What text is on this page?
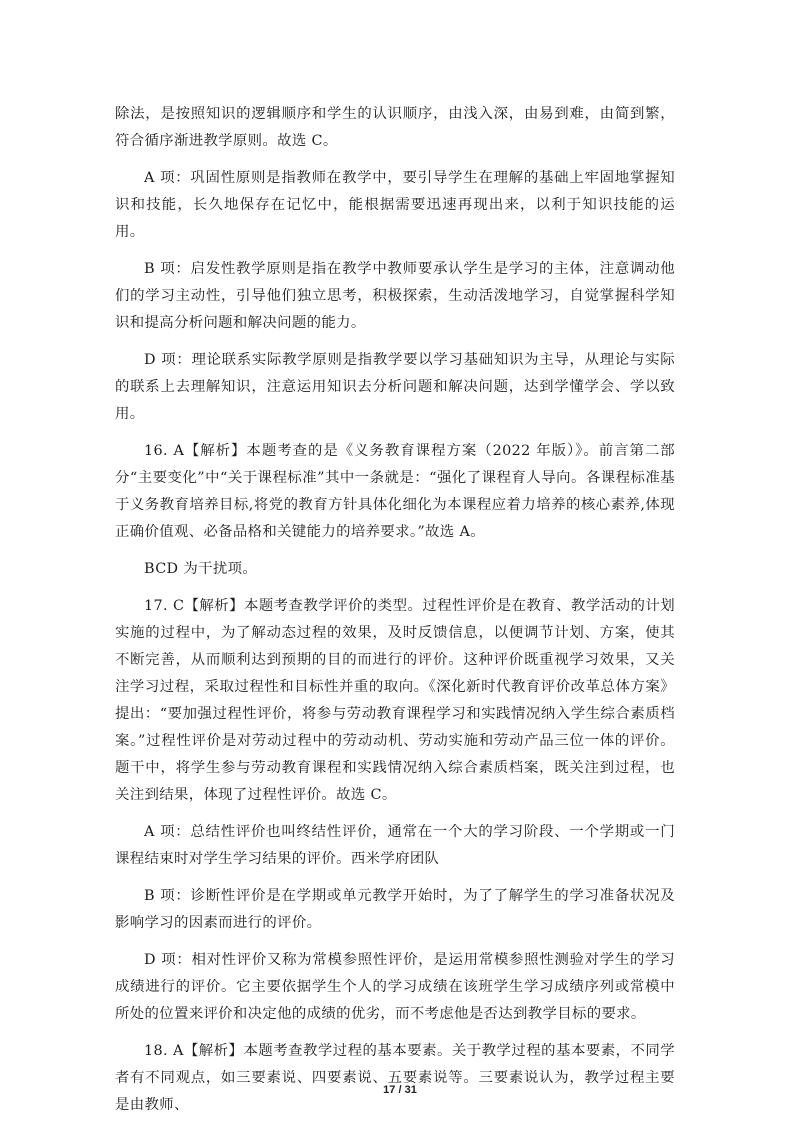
除法，是按照知识的逻辑顺序和学生的认识顺序，由浅入深，由易到难，由简到繁，符合循序渐进教学原则。故选 C。

A 项：巩固性原则是指教师在教学中，要引导学生在理解的基础上牢固地掌握知识和技能，长久地保存在记忆中，能根据需要迅速再现出来，以利于知识技能的运用。

B 项：启发性教学原则是指在教学中教师要承认学生是学习的主体，注意调动他们的学习主动性，引导他们独立思考，积极探索，生动活泼地学习，自觉掌握科学知识和提高分析问题和解决问题的能力。

D 项：理论联系实际教学原则是指教学要以学习基础知识为主导，从理论与实际的联系上去理解知识，注意运用知识去分析问题和解决问题，达到学懂学会、学以致用。

16. A【解析】本题考查的是《义务教育课程方案（2022 年版）》。前言第二部分“主要变化”中“关于课程标准”其中一条就是：“强化了课程育人导向。各课程标准基于义务教育培养目标,将党的教育方针具体化细化为本课程应着力培养的核心素养,体现正确价值观、必备品格和关键能力的培养要求。”故选 A。

BCD 为干扰项。

17. C【解析】本题考查教学评价的类型。过程性评价是在教育、教学活动的计划实施的过程中，为了解动态过程的效果，及时反馈信息，以便调节计划、方案，使其不断完善，从而顺利达到预期的目的而进行的评价。这种评价既重视学习效果，又关注学习过程，采取过程性和目标性并重的取向。《深化新时代教育评价改革总体方案》提出：“要加强过程性评价，将参与劳动教育课程学习和实践情况纳入学生综合素质档案。”过程性评价是对劳动过程中的劳动动机、劳动实施和劳动产品三位一体的评价。题干中，将学生参与劳动教育课程和实践情况纳入综合素质档案，既关注到过程，也关注到结果，体现了过程性评价。故选 C。

A 项：总结性评价也叫终结性评价，通常在一个大的学习阶段、一个学期或一门课程结束时对学生学习结果的评价。西米学府团队

B 项：诊断性评价是在学期或单元教学开始时，为了了解学生的学习准备状况及影响学习的因素而进行的评价。

D 项：相对性评价又称为常模参照性评价，是运用常模参照性测验对学生的学习成绩进行的评价。它主要依据学生个人的学习成绩在该班学生学习成绩序列或常模中所处的位置来评价和决定他的成绩的优劣，而不考虑他是否达到教学目标的要求。

18. A【解析】本题考查教学过程的基本要素。关于教学过程的基本要素，不同学者有不同观点，如三要素说、四要素说、五要素说等。三要素说认为，教学过程主要是由教师、

17 / 31
